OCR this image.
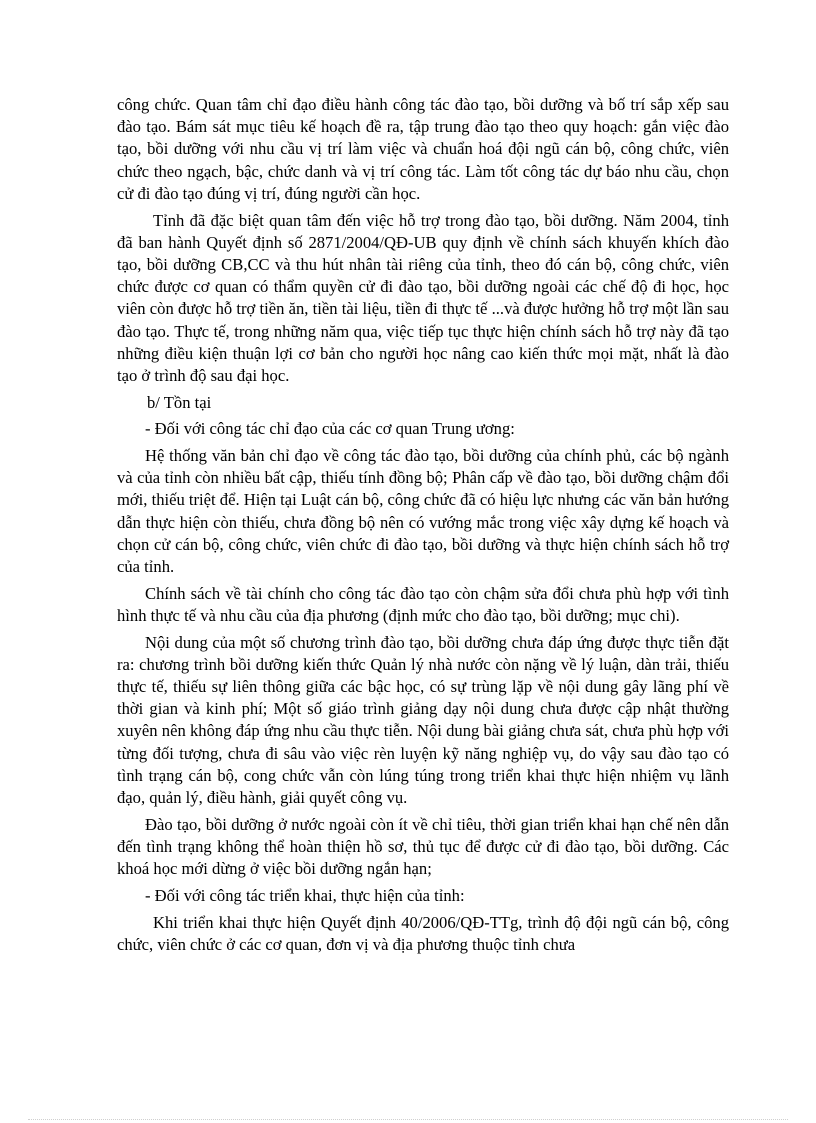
công chức. Quan tâm chỉ đạo điều hành công tác đào tạo, bồi dưỡng và bố trí sắp xếp sau đào tạo. Bám sát mục tiêu kế hoạch đề ra, tập trung đào tạo theo quy hoạch: gắn việc đào tạo, bồi dưỡng với nhu cầu vị trí làm việc và chuẩn hoá đội ngũ cán bộ, công chức, viên chức theo ngạch, bậc, chức danh và vị trí công tác. Làm tốt công tác dự báo nhu cầu, chọn cử đi đào tạo đúng vị trí, đúng người cần học.

Tỉnh đã đặc biệt quan tâm đến việc hỗ trợ trong đào tạo, bồi dưỡng. Năm 2004, tỉnh đã ban hành Quyết định số 2871/2004/QĐ-UB quy định về chính sách khuyến khích đào tạo, bồi dưỡng CB,CC và thu hút nhân tài riêng của tỉnh, theo đó cán bộ, công chức, viên chức được cơ quan có thẩm quyền cử đi đào tạo, bồi dưỡng ngoài các chế độ đi học, học viên còn được hỗ trợ tiền ăn, tiền tài liệu, tiền đi thực tế ...và được hưởng hỗ trợ một lần sau đào tạo. Thực tế, trong những năm qua, việc tiếp tục thực hiện chính sách hỗ trợ này đã tạo những điều kiện thuận lợi cơ bản cho người học nâng cao kiến thức mọi mặt, nhất là đào tạo ở trình độ sau đại học.

b/ Tồn tại

- Đối với công tác chỉ đạo của các cơ quan Trung ương:

Hệ thống văn bản chỉ đạo về công tác đào tạo, bồi dưỡng của chính phủ, các bộ ngành và của tỉnh còn nhiều bất cập, thiếu tính đồng bộ; Phân cấp về đào tạo, bồi dưỡng chậm đổi mới, thiếu triệt để. Hiện tại Luật cán bộ, công chức đã có hiệu lực nhưng các văn bản hướng dẫn thực hiện còn thiếu, chưa đồng bộ nên có vướng mắc trong việc xây dựng kế hoạch và chọn cử cán bộ, công chức, viên chức đi đào tạo, bồi dưỡng và thực hiện chính sách hỗ trợ của tỉnh.

Chính sách về tài chính cho công tác đào tạo còn chậm sửa đổi chưa phù hợp với tình hình thực tế và nhu cầu của địa phương (định mức cho đào tạo, bồi dưỡng; mục chi).

Nội dung của một số chương trình đào tạo, bồi dưỡng chưa đáp ứng được thực tiễn đặt ra: chương trình bồi dưỡng kiến thức Quản lý nhà nước còn nặng về lý luận, dàn trải, thiếu thực tế, thiếu sự liên thông giữa các bậc học, có sự trùng lặp về nội dung gây lãng phí về thời gian và kinh phí; Một số giáo trình giảng dạy nội dung chưa được cập nhật thường xuyên nên không đáp ứng nhu cầu thực tiễn. Nội dung bài giảng chưa sát, chưa phù hợp với từng đối tượng, chưa đi sâu vào việc rèn luyện kỹ năng nghiệp vụ, do vậy sau đào tạo có tình trạng cán bộ, cong chức vẫn còn lúng túng trong triển khai thực hiện nhiệm vụ lãnh đạo, quản lý, điều hành, giải quyết công vụ.

Đào tạo, bồi dưỡng ở nước ngoài còn ít về chỉ tiêu, thời gian triển khai hạn chế nên dẫn đến tình trạng không thể hoàn thiện hồ sơ, thủ tục để được cử đi đào tạo, bồi dưỡng. Các khoá học mới dừng ở việc bồi dưỡng ngắn hạn;

- Đối với công tác triển khai, thực hiện của tỉnh:

Khi triển khai thực hiện Quyết định 40/2006/QĐ-TTg, trình độ đội ngũ cán bộ, công chức, viên chức ở các cơ quan, đơn vị và địa phương thuộc tỉnh chưa
